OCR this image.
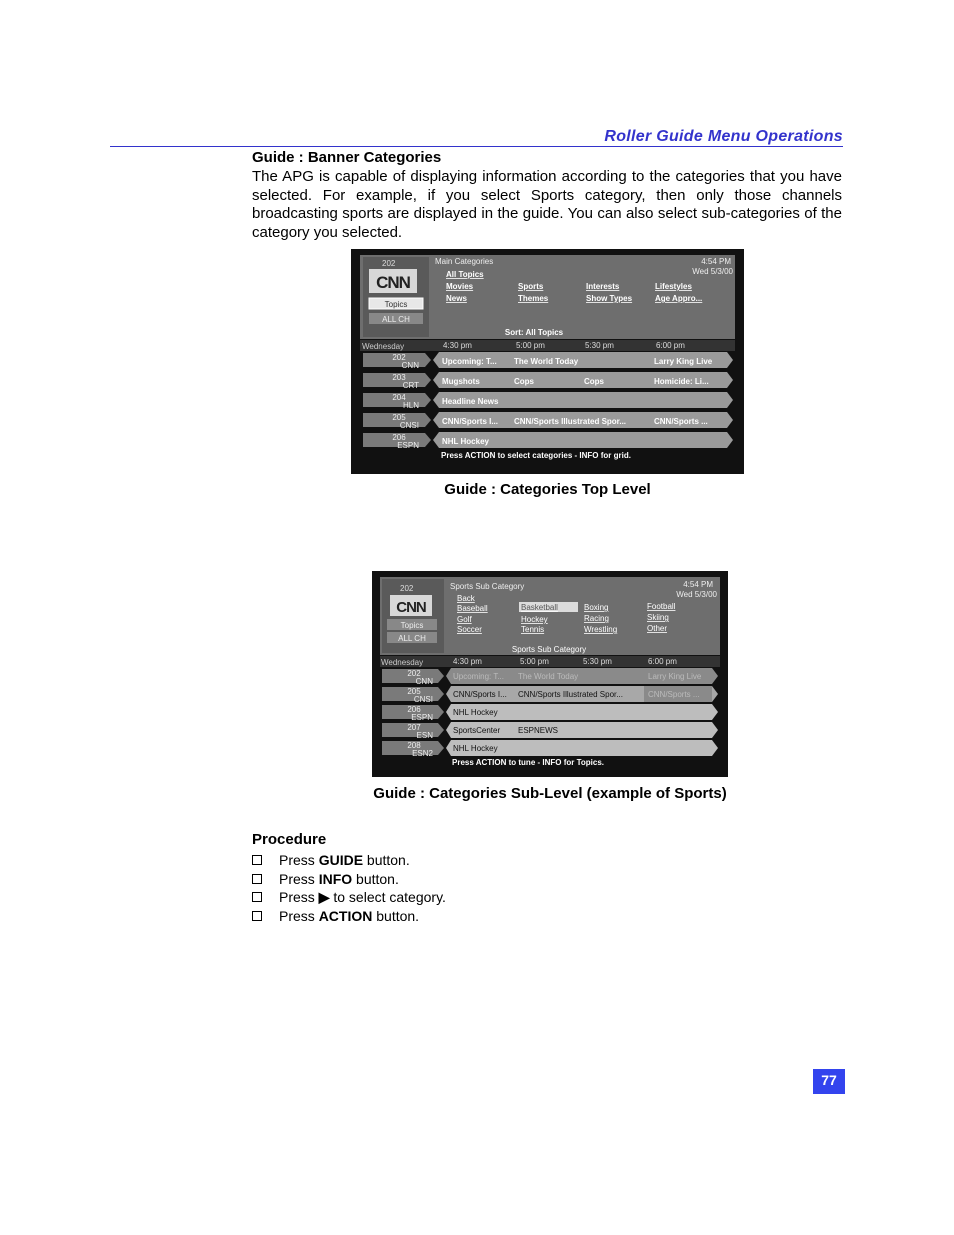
Roller Guide Menu Operations
Guide : Banner Categories
The APG is capable of displaying information according to the categories that you have selected. For example, if you select Sports category, then only those channels broadcasting sports are displayed in the guide. You can also select sub-categories of the category you selected.
202
CNN
Topics
ALL CH
Main Categories	4:54 PM
Wed 5/3/00
All Topics
Movies
News
Sports
Themes
Interests
Show Types
Lifestyles
Age Appro...
Sort: All Topics
Wednesday	4:30 pm	5:00 pm	5:30 pm	6:00 pm
202
CNN	Upcoming: T... The World Today	Larry King Live
203
CRT	Mugshots	Cops	Cops	Homicide: Li...
204
HLN	Headline News
205
CNSI	CNN/Sports I... CNN/Sports Illustrated Spor...	CNN/Sports ...
206
ESPN	NHL Hockey
Press ACTION to select categories - INFO for grid.
Guide : Categories Top Level
202
CNN
Topics
ALL CH
Sports Sub Category	4:54 PM
Wed 5/3/00
Back
Baseball
Golf
Soccer
Basketball
Hockey
Tennis
Boxing
Racing
Wrestling
Football
Skiing
Other
Sports Sub Category
Wednesday	4:30 pm	5:00 pm	5:30 pm	6:00 pm
202
CNN
Upcoming: T... The World Today	Larry King Live
205
CNSI
CNN/Sports I... CNN/Sports Illustrated Spor...	CNN/Sports ...
206
ESPN
NHL Hockey
207
ESN
SportsCenter ESPNEWS
208
ESN2
NHL Hockey
Press ACTION to tune - INFO for Topics.
Guide : Categories Sub-Level (example of Sports)
Procedure
Press GUIDE button.
Press INFO button.
Press ▶ to select category.
Press ACTION button.
77
